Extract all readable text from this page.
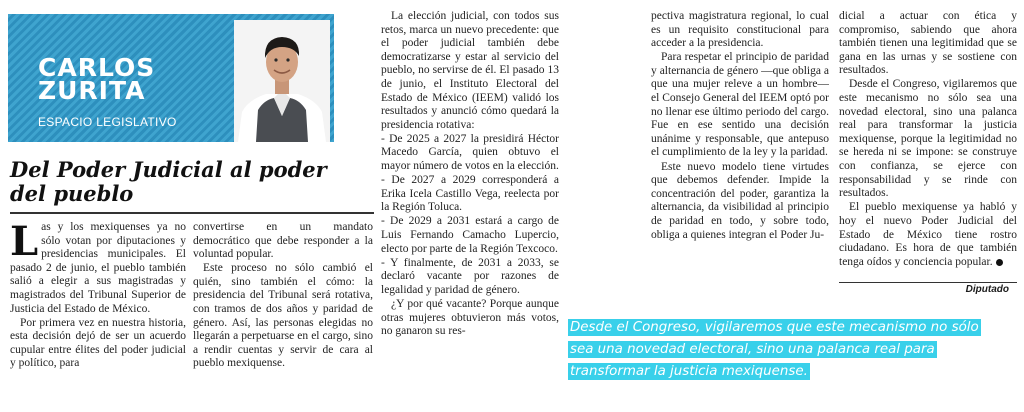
CARLOS
ZURITA
ESPACIO LEGISLATIVO
Del Poder Judicial al poder del pueblo
L as y los mexiquenses ya no sólo votan por diputaciones y presidencias municipales. El pasado 2 de junio, el pueblo también salió a elegir a sus magistradas y magistrados del Tribunal Superior de Justicia del Estado de México.

Por primera vez en nuestra historia, esta decisión dejó de ser un acuerdo cupular entre élites del poder judicial y político, para

convertirse en un mandato democrático que debe responder a la voluntad popular.

Este proceso no sólo cambió el quién, sino también el cómo: la presidencia del Tribunal será rotativa, con tramos de dos años y paridad de género. Así, las personas elegidas no llegarán a perpetuarse en el cargo, sino a rendir cuentas y servir de cara al pueblo mexiquense.

La elección judicial, con todos sus retos, marca un nuevo precedente: que el poder judicial también debe democratizarse y estar al servicio del pueblo, no servirse de él. El pasado 13 de junio, el Instituto Electoral del Estado de México (IEEM) validó los resultados y anunció cómo quedará la presidencia rotativa:

- De 2025 a 2027 la presidirá Héctor Macedo García, quien obtuvo el mayor número de votos en la elección.

- De 2027 a 2029 corresponderá a Erika Icela Castillo Vega, reelecta por la Región Toluca.

- De 2029 a 2031 estará a cargo de Luis Fernando Camacho Lupercio, electo por parte de la Región Texcoco.

- Y finalmente, de 2031 a 2033, se declaró vacante por razones de legalidad y paridad de género.

¿Y por qué vacante? Porque aunque otras mujeres obtuvieron más votos, no ganaron su res-

pectiva magistratura regional, lo cual es un requisito constitucional para acceder a la presidencia.

Para respetar el principio de paridad y alternancia de género —que obliga a que una mujer releve a un hombre— el Consejo General del IEEM optó por no llenar ese último periodo del cargo. Fue en ese sentido una decisión unánime y responsable, que antepuso el cumplimiento de la ley y la paridad.

Este nuevo modelo tiene virtudes que debemos defender. Impide la concentración del poder, garantiza la alternancia, da visibilidad al principio de paridad en todo, y sobre todo, obliga a quienes integran el Poder Ju-

dicial a actuar con ética y compromiso, sabiendo que ahora también tienen una legitimidad que se gana en las urnas y se sostiene con resultados.

Desde el Congreso, vigilaremos que este mecanismo no sólo sea una novedad electoral, sino una palanca real para transformar la justicia mexiquense, porque la legitimidad no se hereda ni se impone: se construye con confianza, se ejerce con responsabilidad y se rinde con resultados.

El pueblo mexiquense ya habló y hoy el nuevo Poder Judicial del Estado de México tiene rostro ciudadano. Es hora de que también tenga oídos y conciencia popular.

Diputado
Desde el Congreso, vigilaremos que este mecanismo no sólo sea una novedad electoral, sino una palanca real para transformar la justicia mexiquense.
